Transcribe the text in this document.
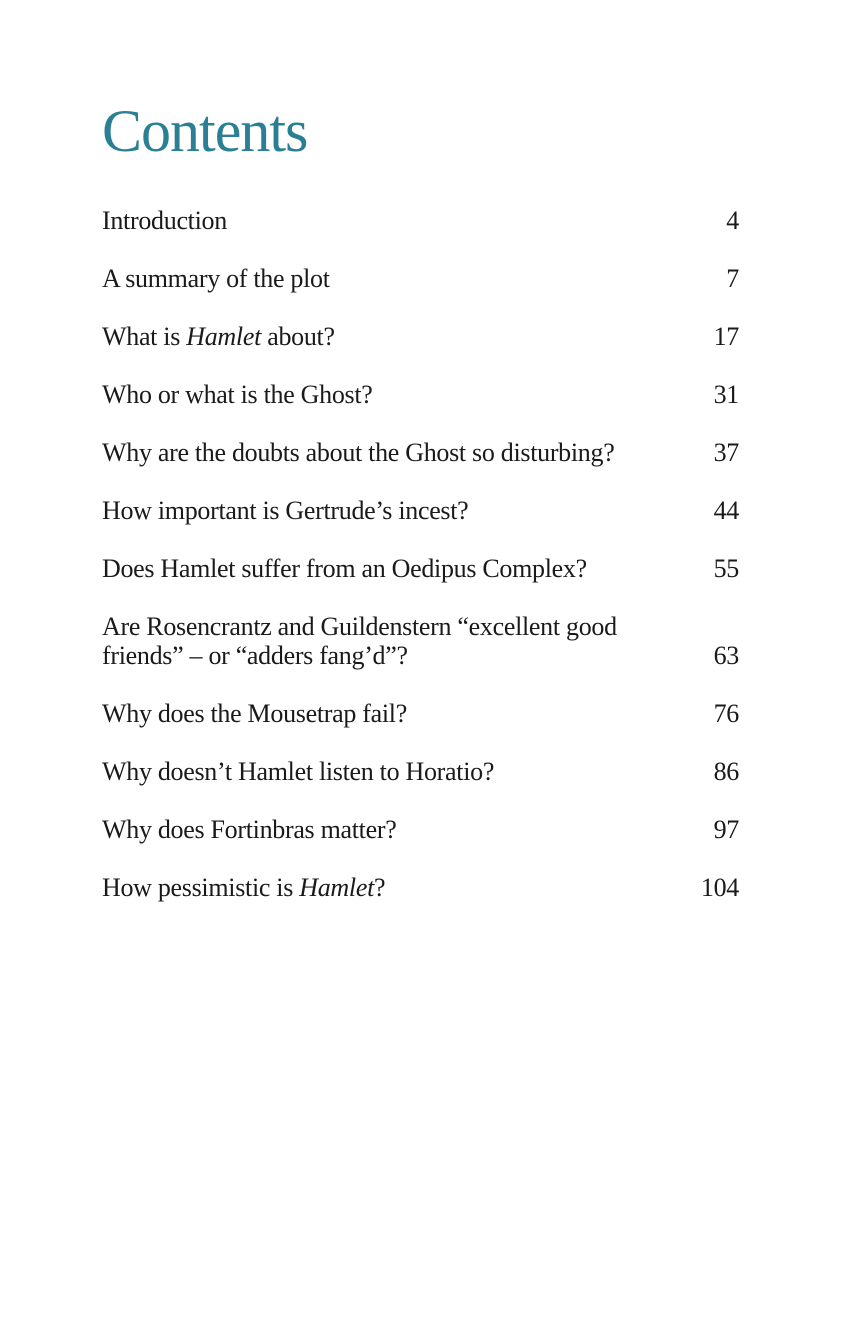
Contents
Introduction	4
A summary of the plot	7
What is Hamlet about?	17
Who or what is the Ghost?	31
Why are the doubts about the Ghost so disturbing?	37
How important is Gertrude’s incest?	44
Does Hamlet suffer from an Oedipus Complex?	55
Are Rosencrantz and Guildenstern “excellent good friends” – or “adders fang’d”?	63
Why does the Mousetrap fail?	76
Why doesn’t Hamlet listen to Horatio?	86
Why does Fortinbras matter?	97
How pessimistic is Hamlet?	104
